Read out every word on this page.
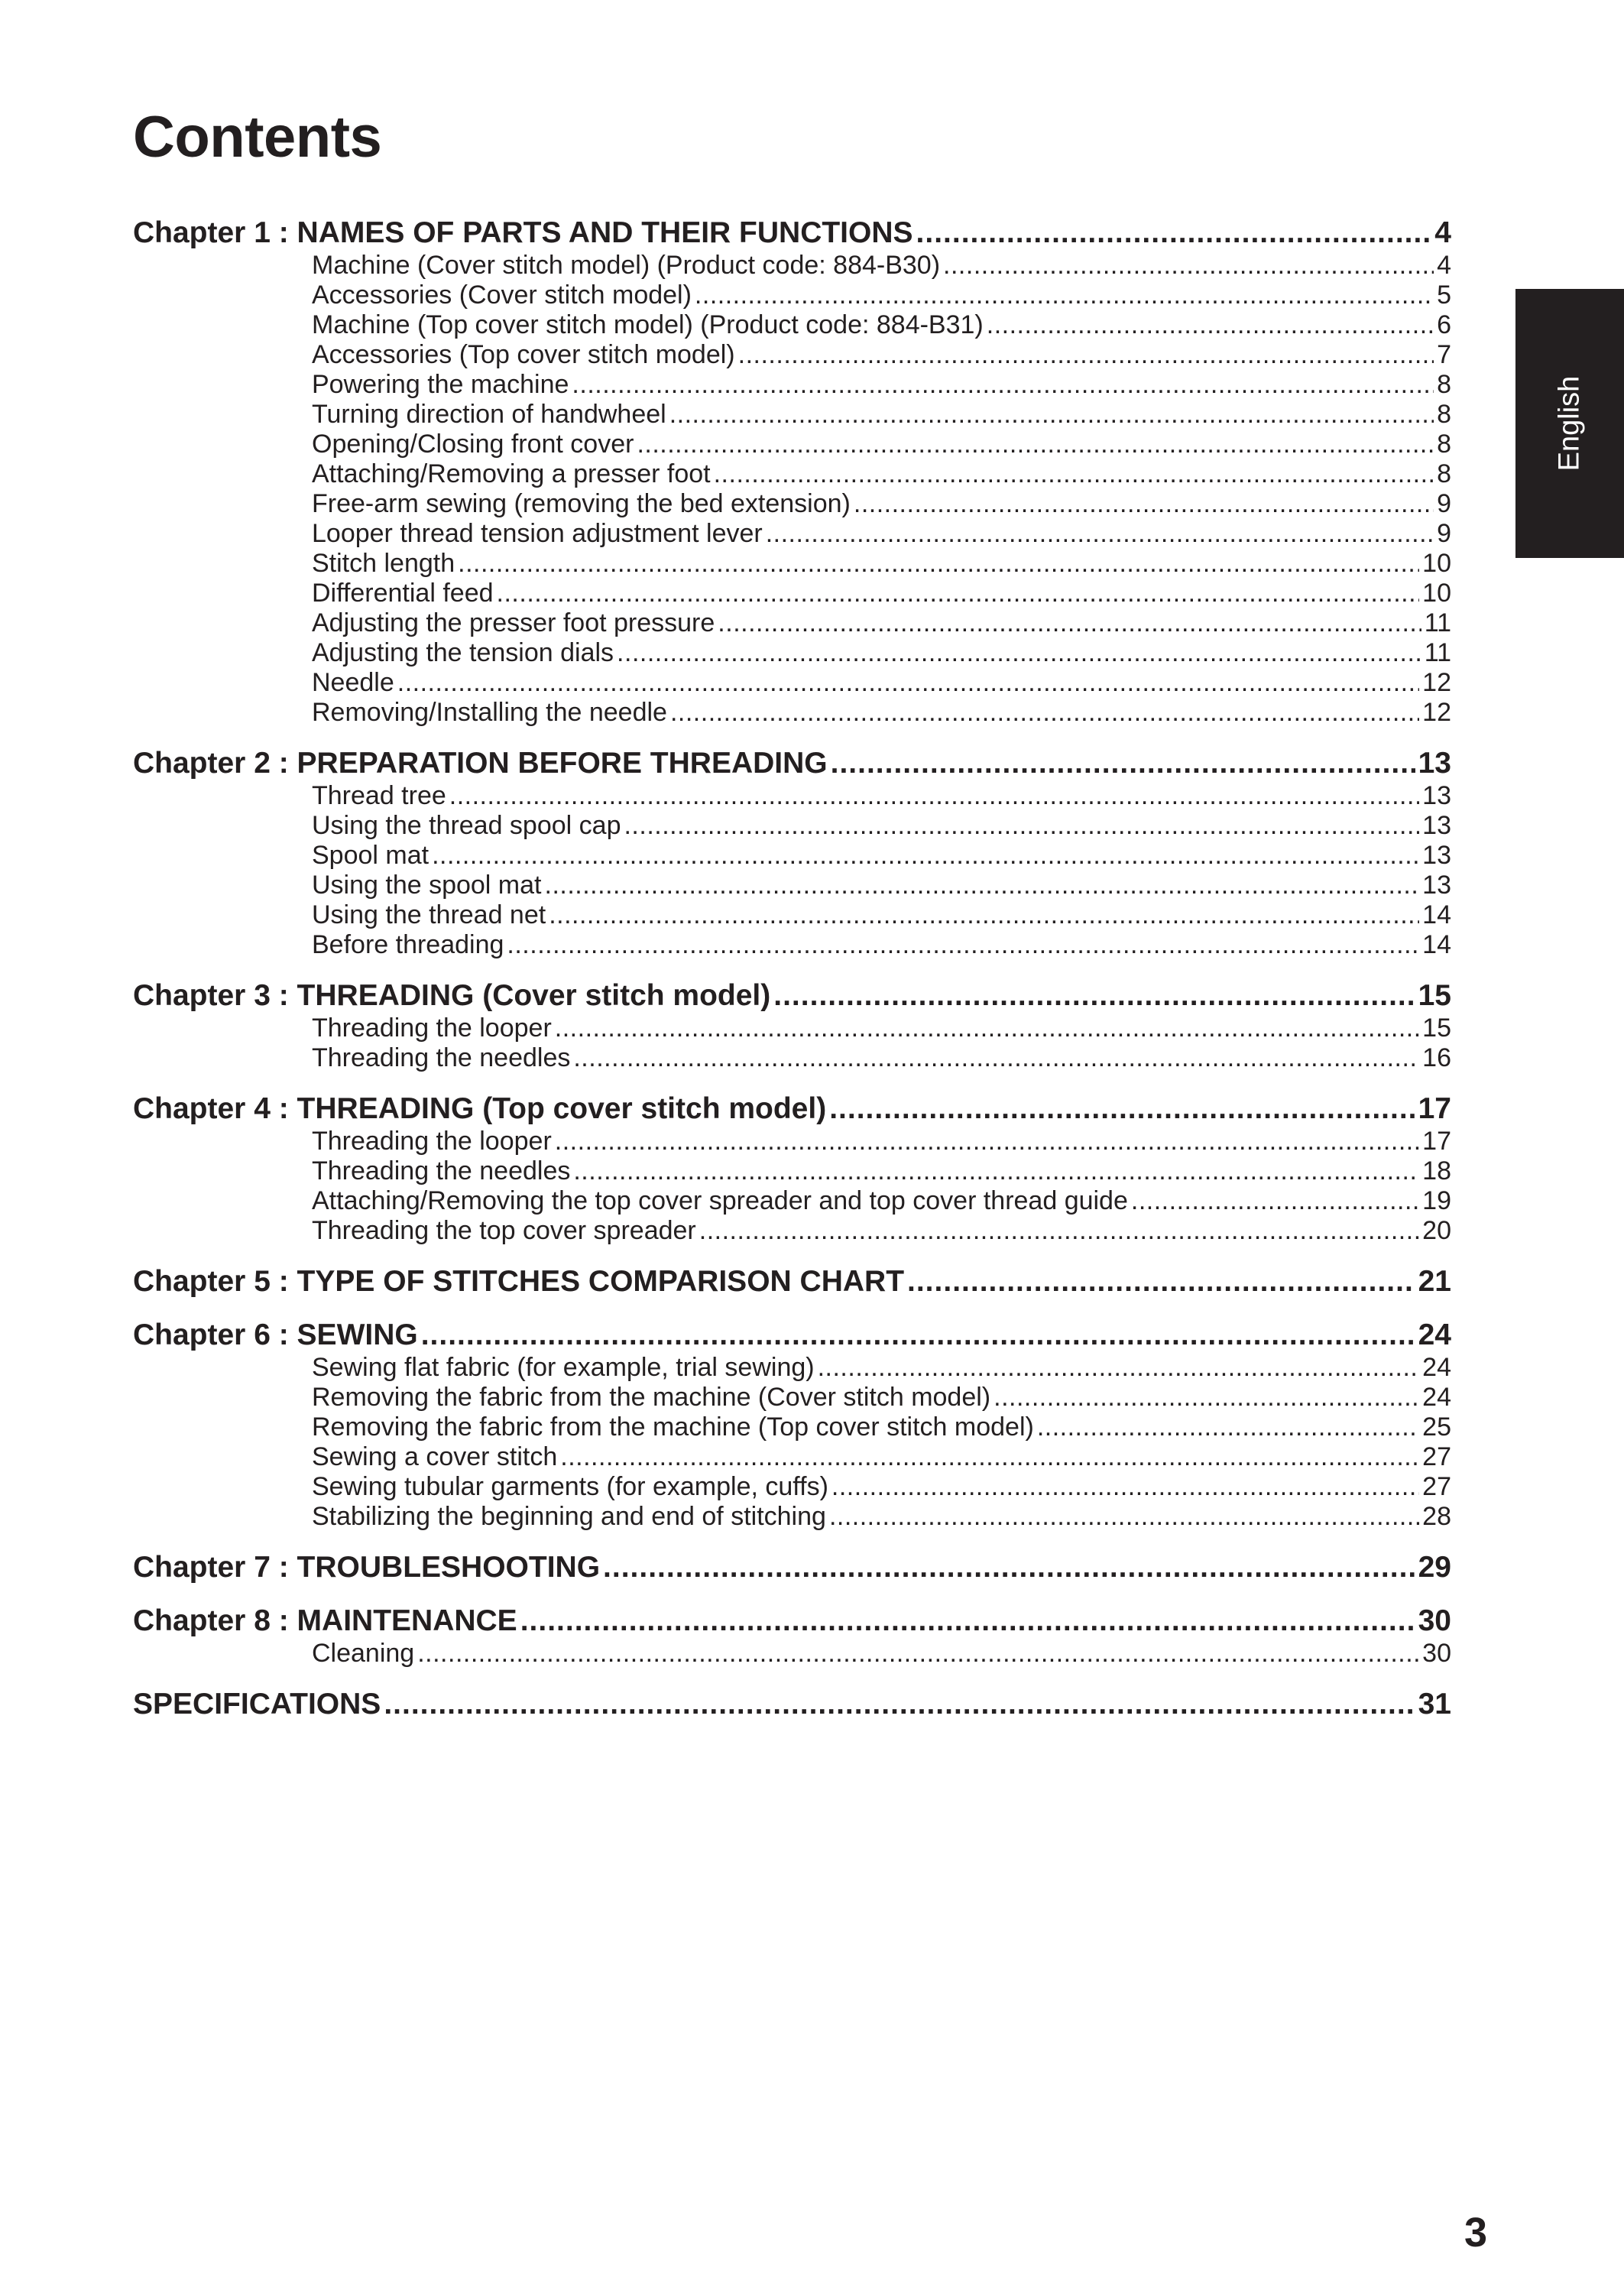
Contents
English
Chapter 1 : NAMES OF PARTS AND THEIR FUNCTIONS .....	4
Machine (Cover stitch model) (Product code: 884-B30) .....	4
Accessories (Cover stitch model) .....	5
Machine (Top cover stitch model) (Product code: 884-B31) .....	6
Accessories (Top cover stitch model) .....	7
Powering the machine .....	8
Turning direction of handwheel .....	8
Opening/Closing front cover .....	8
Attaching/Removing a presser foot .....	8
Free-arm sewing (removing the bed extension) .....	9
Looper thread tension adjustment lever .....	9
Stitch length .....	10
Differential feed .....	10
Adjusting the presser foot pressure .....	11
Adjusting the tension dials .....	11
Needle .....	12
Removing/Installing the needle .....	12
Chapter 2 : PREPARATION BEFORE THREADING .....	13
Thread tree .....	13
Using the thread spool cap .....	13
Spool mat .....	13
Using the spool mat .....	13
Using the thread net .....	14
Before threading .....	14
Chapter 3 : THREADING (Cover stitch model) .....	15
Threading the looper .....	15
Threading the needles .....	16
Chapter 4 : THREADING (Top cover stitch model) .....	17
Threading the looper .....	17
Threading the needles .....	18
Attaching/Removing the top cover spreader and top cover thread guide .....	19
Threading the top cover spreader .....	20
Chapter 5 : TYPE OF STITCHES COMPARISON CHART .....	21
Chapter 6 : SEWING .....	24
Sewing flat fabric (for example, trial sewing) .....	24
Removing the fabric from the machine (Cover stitch model) .....	24
Removing the fabric from the machine (Top cover stitch model) .....	25
Sewing a cover stitch .....	27
Sewing tubular garments (for example, cuffs) .....	27
Stabilizing the beginning and end of stitching .....	28
Chapter 7 : TROUBLESHOOTING .....	29
Chapter 8 : MAINTENANCE .....	30
Cleaning .....	30
SPECIFICATIONS .....	31
3
